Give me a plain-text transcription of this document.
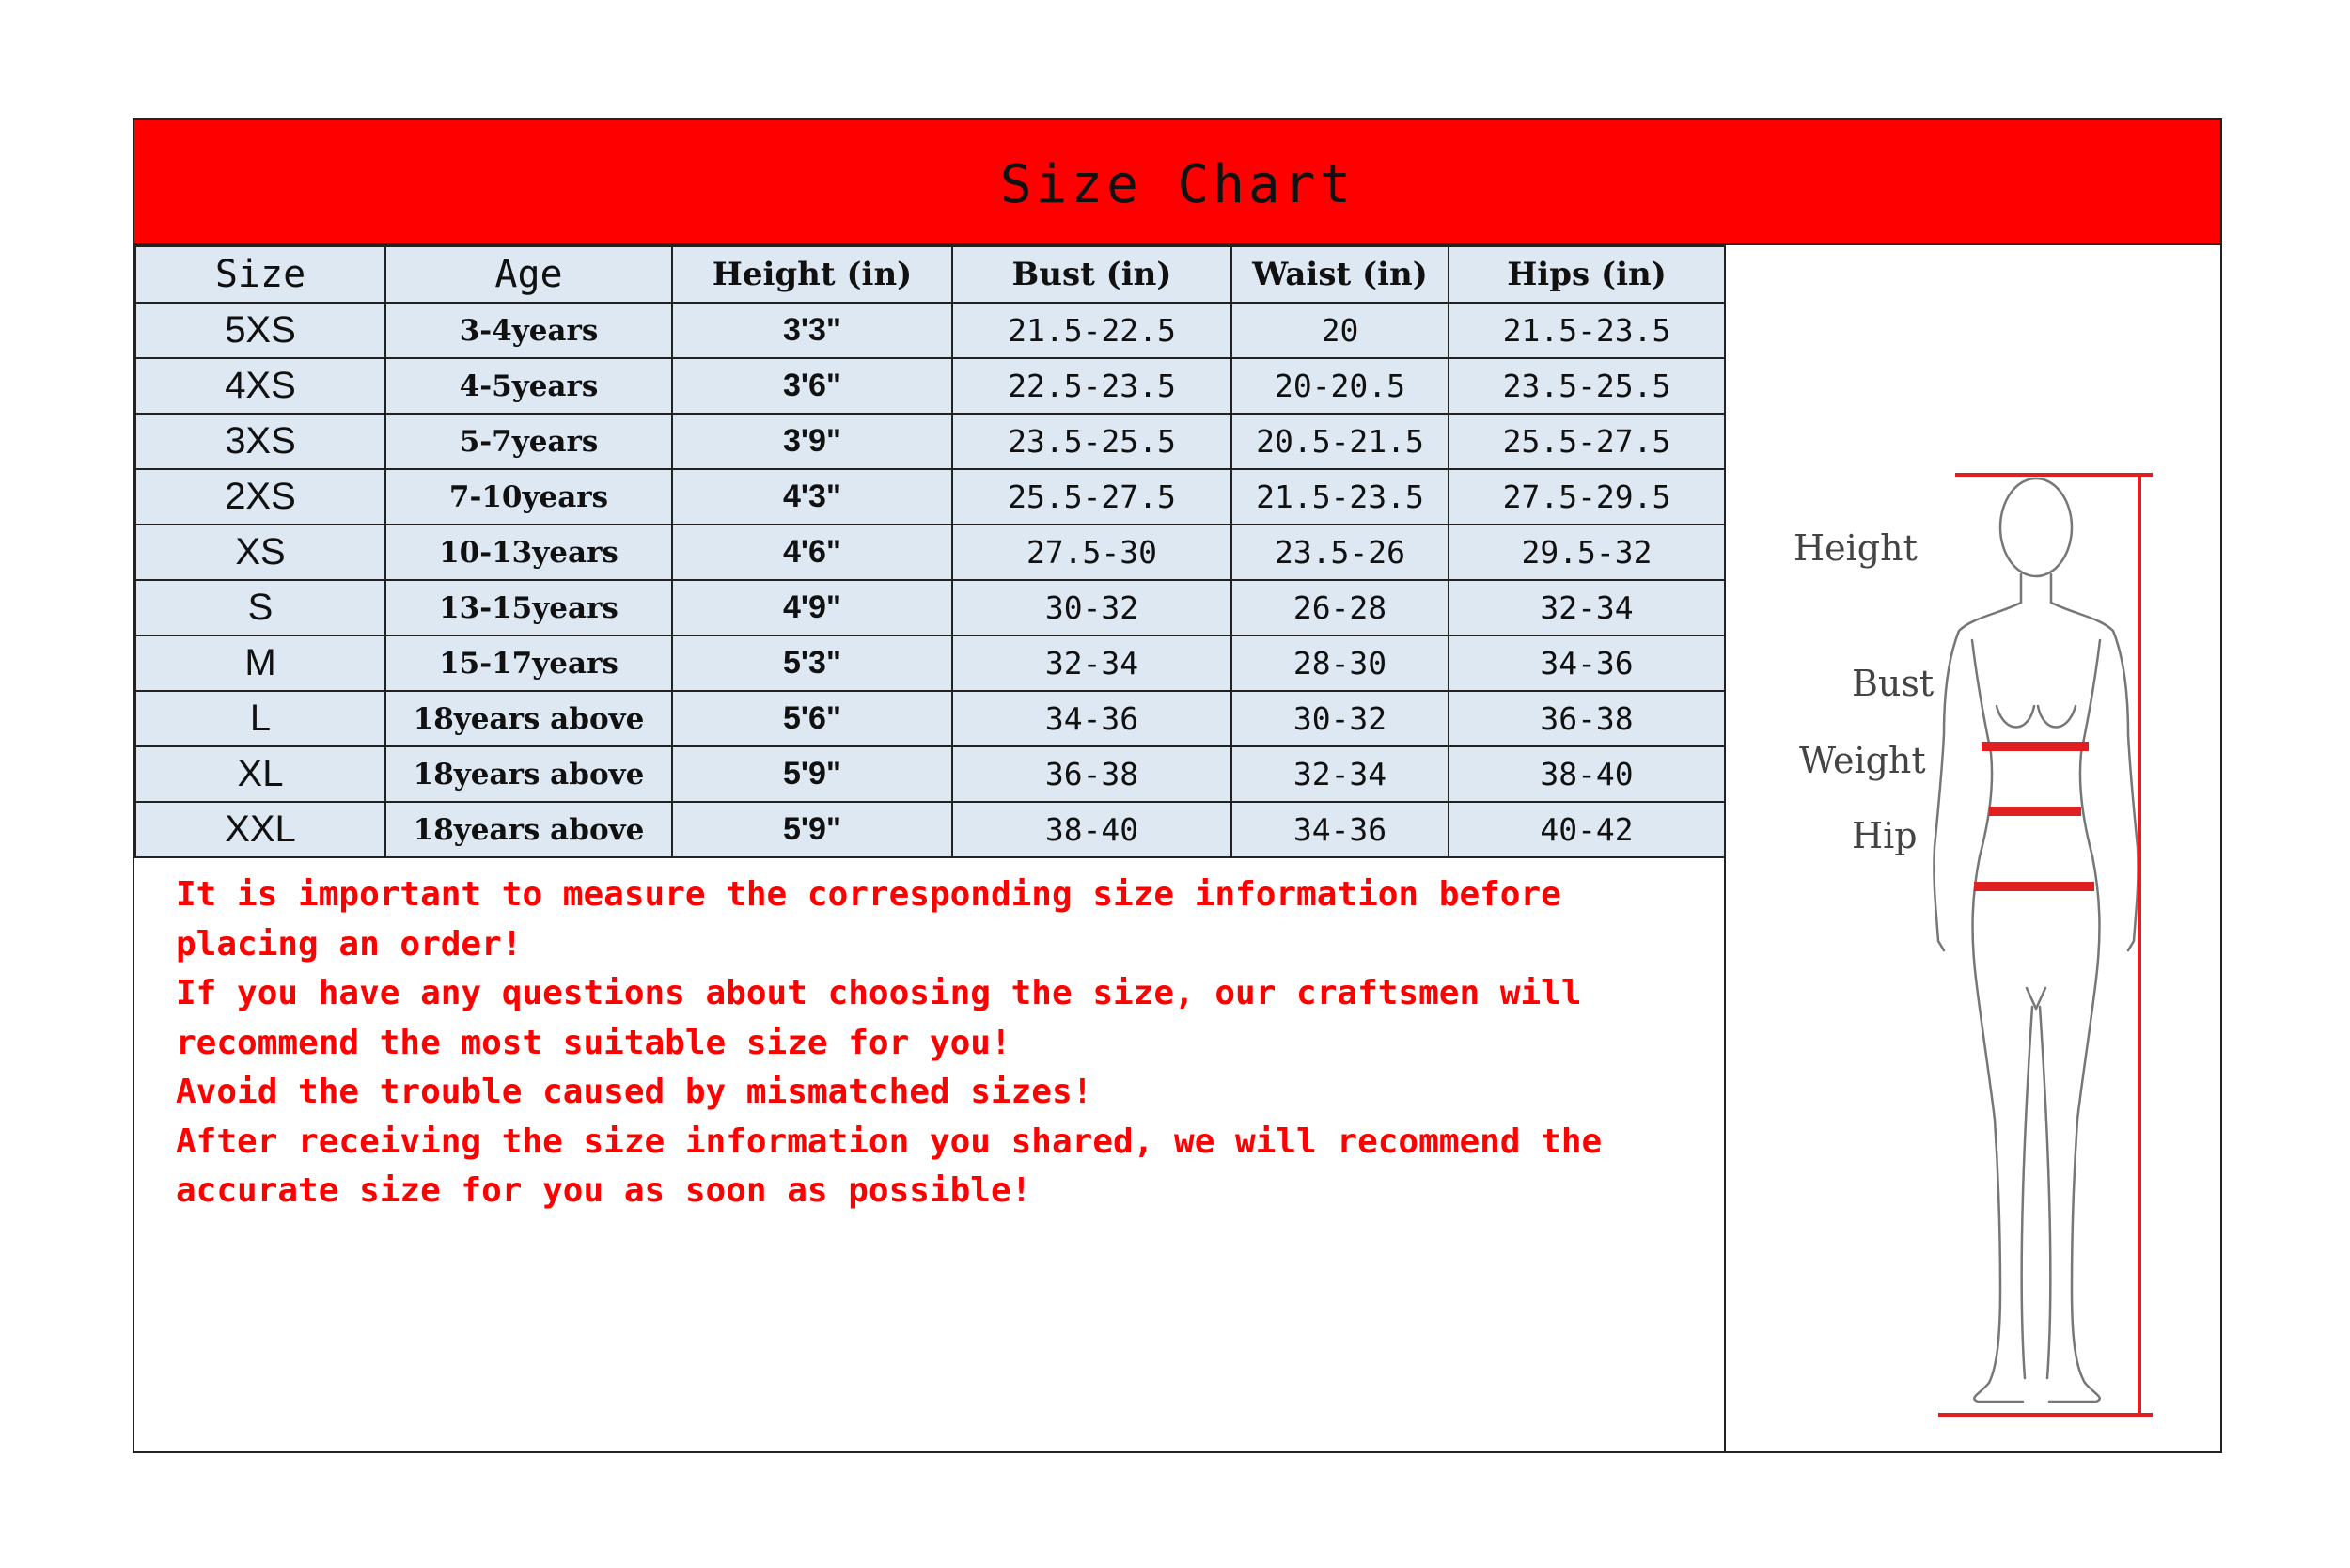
Size Chart
Size	Age	Height (in)	Bust (in)	Waist (in)	Hips (in)
5XS	3-4years	3'3"	21.5-22.5	20	21.5-23.5
4XS	4-5years	3'6"	22.5-23.5	20-20.5	23.5-25.5
3XS	5-7years	3'9"	23.5-25.5	20.5-21.5	25.5-27.5
2XS	7-10years	4'3"	25.5-27.5	21.5-23.5	27.5-29.5
XS	10-13years	4'6"	27.5-30	23.5-26	29.5-32
S	13-15years	4'9"	30-32	26-28	32-34
M	15-17years	5'3"	32-34	28-30	34-36
L	18years above	5'6"	34-36	30-32	36-38
XL	18years above	5'9"	36-38	32-34	38-40
XXL	18years above	5'9"	38-40	34-36	40-42

It is important to measure the corresponding size information before placing an order!

If you have any questions about choosing the size, our craftsmen will recommend the most suitable size for you!

Avoid the trouble caused by mismatched sizes!

After receiving the size information you shared, we will recommend the accurate size for you as soon as possible!

Height
Bust
Weight
Hip
